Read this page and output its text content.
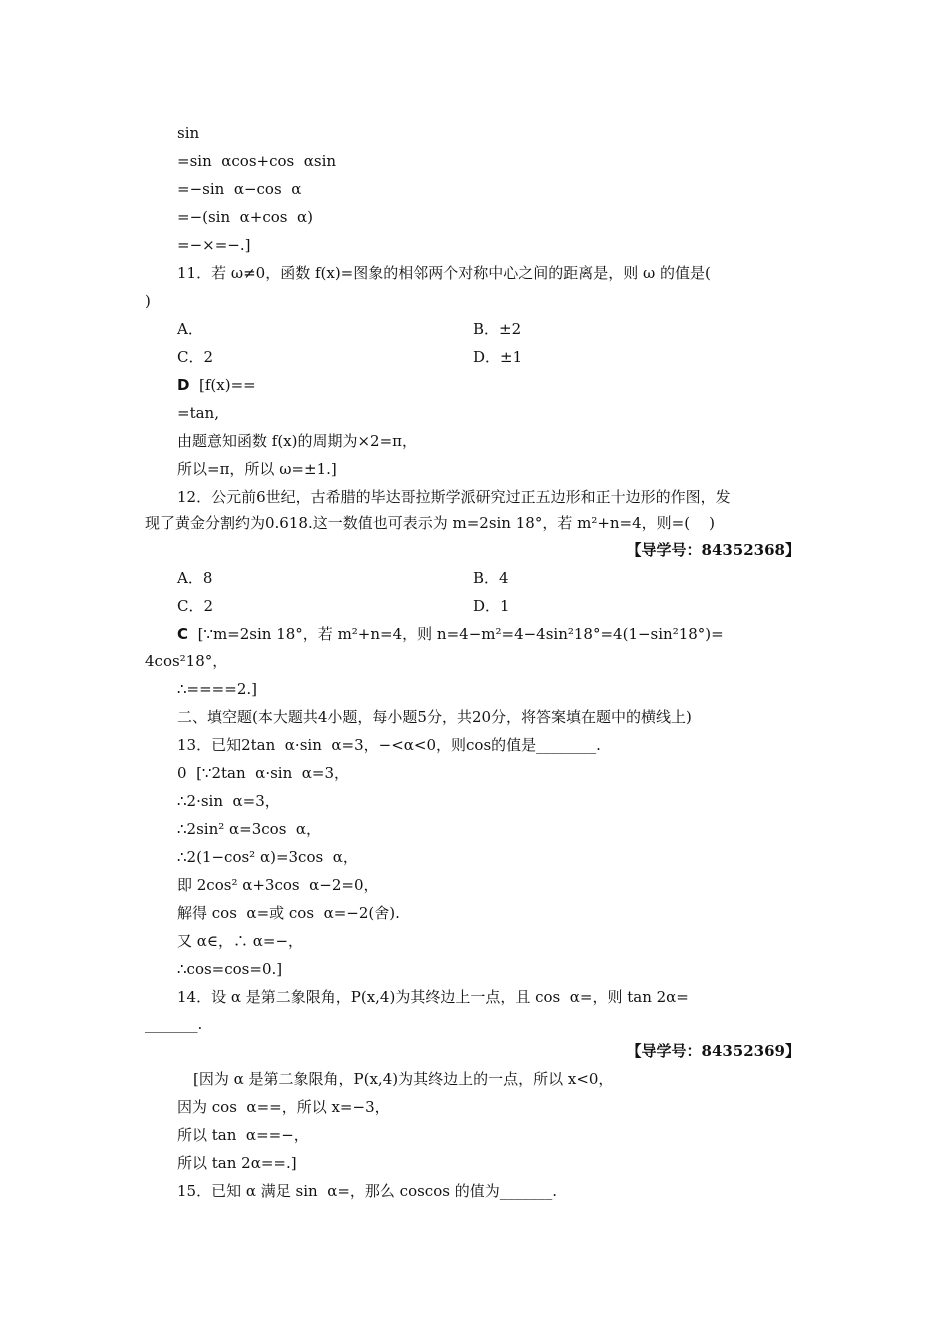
sin
=sin  αcos+cos  αsin
=−sin  α−cos  α
=−(sin  α+cos  α)
=−×=−.]
11．若 ω≠0，函数 f(x)=图象的相邻两个对称中心之间的距离是，则 ω 的值是(
)
A．	B．±2
C．2	D．±1
D [f(x)==
=tan,
由题意知函数 f(x)的周期为×2=π，
所以=π，所以 ω=±1.]
12．公元前6世纪，古希腊的毕达哥拉斯学派研究过正五边形和正十边形的作图，发
现了黄金分割约为0.618.这一数值也可表示为 m=2sin 18°，若 m²+n=4，则=(    )
【导学号：84352368】
A．8	B．4
C．2	D．1
C [∵m=2sin 18°，若 m²+n=4，则 n=4−m²=4−4sin²18°=4(1−sin²18°)=
4cos²18°，
∴====2.]
二、填空题(本大题共4小题，每小题5分，共20分，将答案填在题中的横线上)
13．已知2tan  α·sin  α=3，−<α<0，则cos的值是________.
0  [∵2tan  α·sin  α=3，
∴2·sin  α=3，
∴2sin² α=3cos  α，
∴2(1−cos² α)=3cos  α，
即 2cos² α+3cos  α−2=0，
解得 cos  α=或 cos  α=−2(舍).
又 α∈，∴ α=−，
∴cos=cos=0.]
14．设 α 是第二象限角，P(x,4)为其终边上一点，且 cos  α=，则 tan 2α=
_______.
【导学号：84352369】
[因为 α 是第二象限角，P(x,4)为其终边上的一点，所以 x<0，
因为 cos  α==，所以 x=−3，
所以 tan  α==−，
所以 tan 2α==.]
15．已知 α 满足 sin  α=，那么 coscos 的值为_______.
